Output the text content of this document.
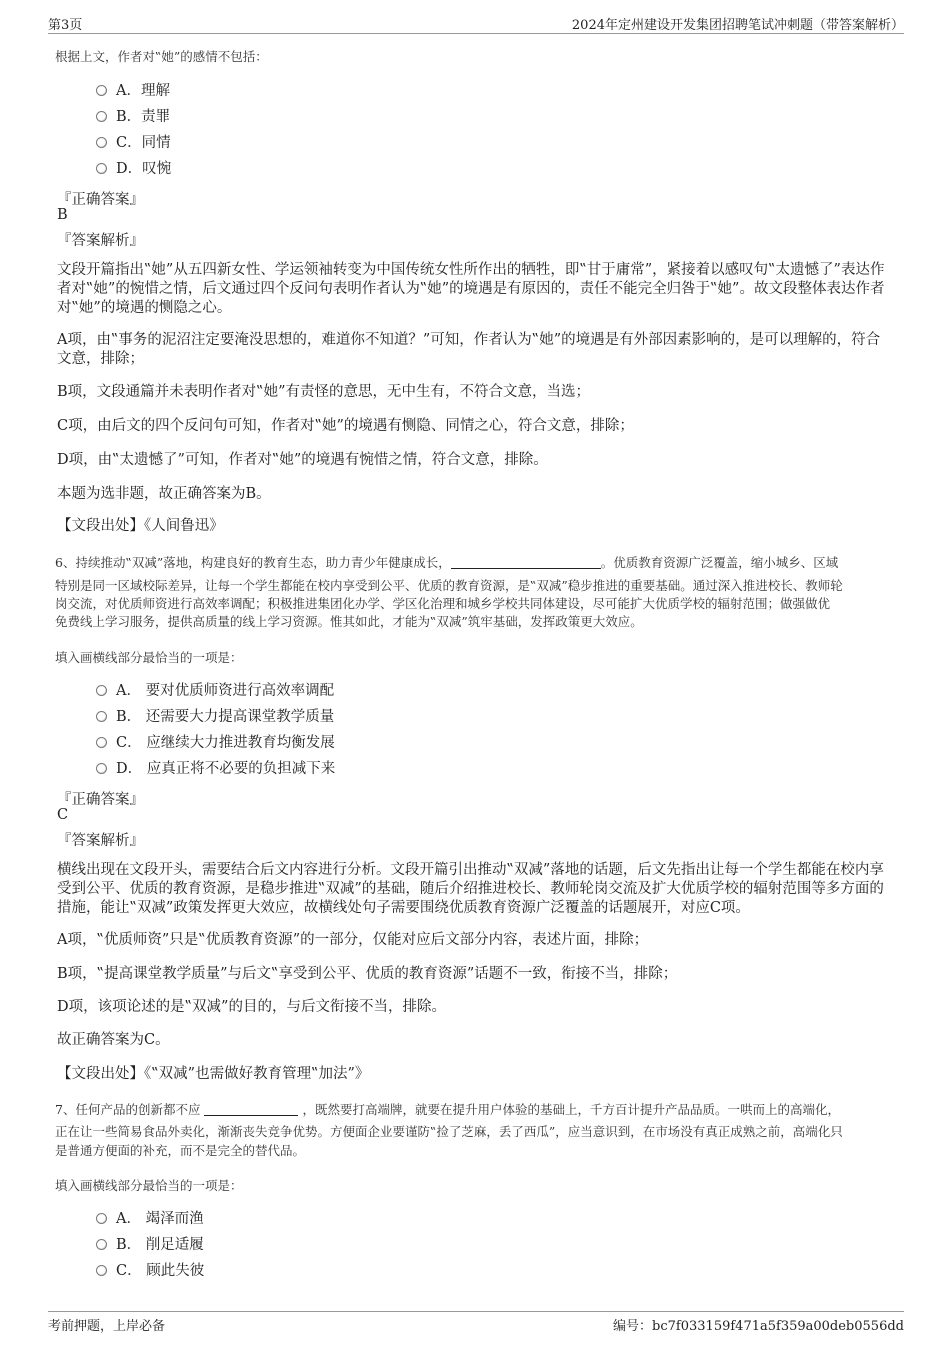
第3页	2024年定州建设开发集团招聘笔试冲刺题（带答案解析）
根据上文，作者对‟她”的感情不包括：
A．理解
B．责罪
C．同情
D．叹惋
『正确答案』
B
『答案解析』
文段开篇指出‟她”从五四新女性、学运领袖转变为中国传统女性所作出的牺牲，即‟甘于庸常”，紧接着以感叹句‟太遗憾了”表达作者对‟她”的惋惜之情，后文通过四个反问句表明作者认为‟她”的境遇是有原因的，责任不能完全归咎于‟她”。故文段整体表达作者对‟她”的境遇的恻隐之心。
A项，由‟事务的泥沼注定要淹没思想的，难道你不知道？”可知，作者认为‟她”的境遇是有外部因素影响的，是可以理解的，符合文意，排除；
B项，文段通篇并未表明作者对‟她”有责怪的意思，无中生有，不符合文意，当选；
C项，由后文的四个反问句可知，作者对‟她”的境遇有恻隐、同情之心，符合文意，排除；
D项，由‟太遗憾了”可知，作者对‟她”的境遇有惋惜之情，符合文意，排除。
本题为选非题，故正确答案为B。
【文段出处】《人间鲁迅》
6、持续推动‟双减”落地，构建良好的教育生态，助力青少年健康成长，	。优质教育资源广泛覆盖，缩小城乡、区域
特别是同一区域校际差异，让每一个学生都能在校内享受到公平、优质的教育资源，是‟双减”稳步推进的重要基础。通过深入推进校长、教师轮
岗交流，对优质师资进行高效率调配；积极推进集团化办学、学区化治理和城乡学校共同体建设，尽可能扩大优质学校的辐射范围；做强做优
免费线上学习服务，提供高质量的线上学习资源。惟其如此，才能为‟双减”筑牢基础，发挥政策更大效应。
填入画横线部分最恰当的一项是：
A． 要对优质师资进行高效率调配
B． 还需要大力提高课堂教学质量
C． 应继续大力推进教育均衡发展
D． 应真正将不必要的负担减下来
『正确答案』
C
『答案解析』
横线出现在文段开头，需要结合后文内容进行分析。文段开篇引出推动‟双减”落地的话题，后文先指出让每一个学生都能在校内享受到公平、优质的教育资源，是稳步推进‟双减”的基础，随后介绍推进校长、教师轮岗交流及扩大优质学校的辐射范围等多方面的措施，能让‟双减”政策发挥更大效应，故横线处句子需要围绕优质教育资源广泛覆盖的话题展开，对应C项。
A项，‟优质师资”只是‟优质教育资源”的一部分，仅能对应后文部分内容，表述片面，排除；
B项，‟提高课堂教学质量”与后文‟享受到公平、优质的教育资源”话题不一致，衔接不当，排除；
D项，该项论述的是‟双减”的目的，与后文衔接不当，排除。
故正确答案为C。
【文段出处】《‟双减”也需做好教育管理‟加法”》
7、任何产品的创新都不应	，既然要打高端牌，就要在提升用户体验的基础上，千方百计提升产品品质。一哄而上的高端化，
正在让一些简易食品外卖化，渐渐丧失竞争优势。方便面企业要谨防‟捡了芝麻，丢了西瓜”，应当意识到，在市场没有真正成熟之前，高端化只
是普通方便面的补充，而不是完全的替代品。
填入画横线部分最恰当的一项是：
A． 竭泽而渔
B． 削足适履
C． 顾此失彼
考前押题，上岸必备	编号：bc7f033159f471a5f359a00deb0556dd
